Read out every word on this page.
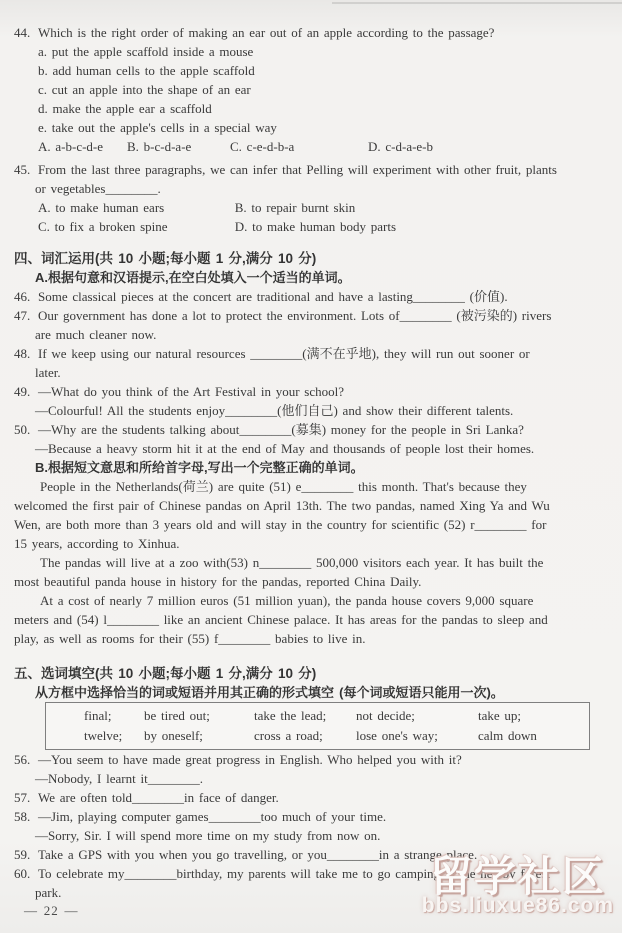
44. Which is the right order of making an ear out of an apple according to the passage?
a. put the apple scaffold inside a mouse
b. add human cells to the apple scaffold
c. cut an apple into the shape of an ear
d. make the apple ear a scaffold
e. take out the apple's cells in a special way
A. a-b-c-d-e	B. b-c-d-a-e	C. c-e-d-b-a	D. c-d-a-e-b
45. From the last three paragraphs, we can infer that Pelling will experiment with other fruit, plants
or vegetables________.
A. to make human ears	B. to repair burnt skin
C. to fix a broken spine	D. to make human body parts
四、词汇运用(共 10 小题;每小题 1 分,满分 10 分)
A.根据句意和汉语提示,在空白处填入一个适当的单词。
46. Some classical pieces at the concert are traditional and have a lasting________ (价值).
47. Our government has done a lot to protect the environment. Lots of________ (被污染的) rivers
are much cleaner now.
48. If we keep using our natural resources ________(满不在乎地), they will run out sooner or
later.
49. —What do you think of the Art Festival in your school?
—Colourful! All the students enjoy________(他们自己) and show their different talents.
50. —Why are the students talking about________(募集) money for the people in Sri Lanka?
—Because a heavy storm hit it at the end of May and thousands of people lost their homes.
B.根据短文意思和所给首字母,写出一个完整正确的单词。
People in the Netherlands(荷兰) are quite (51) e________ this month. That's because they
welcomed the first pair of Chinese pandas on April 13th. The two pandas, named Xing Ya and Wu
Wen, are both more than 3 years old and will stay in the country for scientific (52) r________ for
15 years, according to Xinhua.
The pandas will live at a zoo with(53) n________ 500,000 visitors each year. It has built the
most beautiful panda house in history for the pandas, reported China Daily.
At a cost of nearly 7 million euros (51 million yuan), the panda house covers 9,000 square
meters and (54) l________ like an ancient Chinese palace. It has areas for the pandas to sleep and
play, as well as rooms for their (55) f________ babies to live in.
五、选词填空(共 10 小题;每小题 1 分,满分 10 分)
从方框中选择恰当的词或短语并用其正确的形式填空 (每个词或短语只能用一次)。
final;	be tired out;	take the lead;	not decide;	take up;
twelve;	by oneself;	cross a road;	lose one's way;	calm down
56. —You seem to have made great progress in English. Who helped you with it?
—Nobody, I learnt it________.
57. We are often told________in face of danger.
58. —Jim, playing computer games________too much of your time.
—Sorry, Sir. I will spend more time on my study from now on.
59. Take a GPS with you when you go travelling, or you________in a strange place.
60. To celebrate my________birthday, my parents will take me to go camping in the nearby forest
park.
— 22 —
留学社区
bbs.liuxue86.com
